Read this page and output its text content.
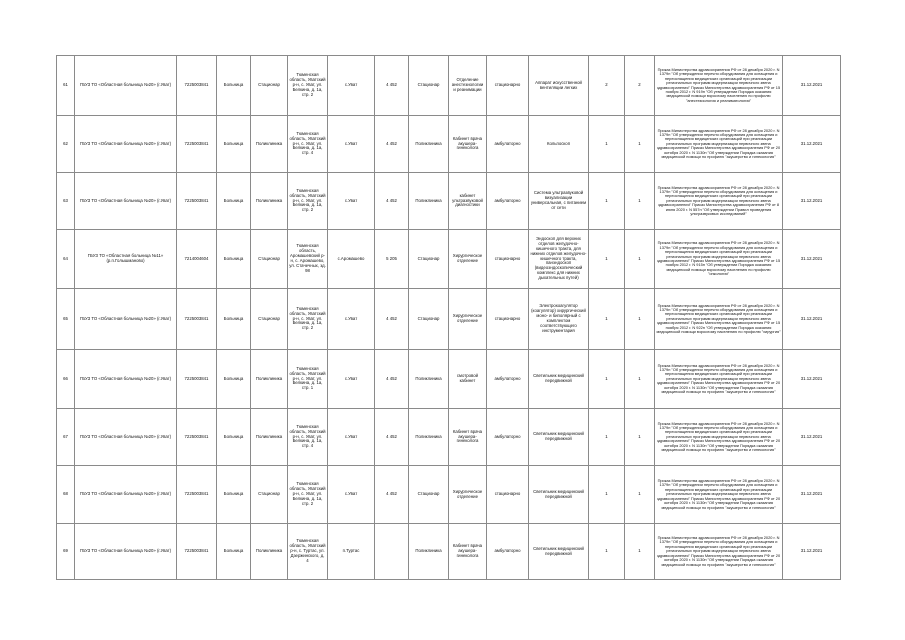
61	ГБУЗ ТО «Областная больница №20» (г.Уват)	7225003841	Больница	Стационар	Тюменская область, Уватский р-н, с. Уват, ул. Белкина, д. 1а, стр. 2	с.Уват	4 452	Стационар	Отделение анестезиологии и реанимации	стационарно	Аппарат искусственной вентиляции легких	2	2	Приказ Министерства здравоохранения РФ от 28 декабря 2020 г. N 1379н "Об утверждении перечня оборудования для оснащения и переоснащения медицинских организаций при реализации региональных программ модернизации первичного звена здравоохранения" Приказ Министерства здравоохранения РФ от 15 ноября 2012 г. N 919н "Об утверждении Порядка оказания медицинской помощи взрослому населению по профилю "анестезиология и реаниматология"	31.12.2021
62	ГБУЗ ТО «Областная больница №20» (г.Уват)	7225003841	Больница	Поликлиника	Тюменская область, Уватский р-н, с. Уват, ул. Белкина, д. 1а, стр. 4	с.Уват	4 452	Поликлиника	Кабинет врача акушера-гинеколога	амбулаторно	Кольпоскоп	1	1	Приказ Министерства здравоохранения РФ от 28 декабря 2020 г. N 1379н "Об утверждении перечня оборудования для оснащения и переоснащения медицинских организаций при реализации региональных программ модернизации первичного звена здравоохранения" Приказ Министерства здравоохранения РФ от 20 октября 2020 г. N 1130н "Об утверждении Порядка оказания медицинской помощи по профилю "акушерство и гинекология"	31.12.2021
63	ГБУЗ ТО «Областная больница №20» (г.Уват)	7225003841	Больница	Поликлиника	Тюменская область, Уватский р-н, с. Уват, ул. Белкина, д. 1а, стр. 2	с.Уват	4 452	Поликлиника	кабинет ультразвуковой диагностики	амбулаторно	Система ультразвуковой визуализации универсальная, с питанием от сети	1	1	Приказ Министерства здравоохранения РФ от 28 декабря 2020 г. N 1379н "Об утверждении перечня оборудования для оснащения и переоснащения медицинских организаций при реализации региональных программ модернизации первичного звена здравоохранения" Приказ Министерства здравоохранения РФ от 8 июня 2020 г. N 557н "Об утверждении Правил проведения ультразвуковых исследований"	31.12.2021
64	ГБУЗ ТО «Областная больница №11» (р.п.Голышманово)	7214004604	Больница	Стационар	Тюменская область, Аромашевский р-н, с. Аромашево, ул. Стачечных, зд. 98	с.Аромашево	5 205	Стационар	Хирургическое отделение	стационарно	Эндоскоп для верхних отделов желудочно-кишечного тракта, для нижних отделов желудочно-кишечного тракта, панэндоскоп (видеоэндоскопический комплекс для нижних дыхательных путей)	1	1	Приказ Министерства здравоохранения РФ от 28 декабря 2020 г. N 1379н "Об утверждении перечня оборудования для оснащения и переоснащения медицинских организаций при реализации региональных программ модернизации первичного звена здравоохранения" Приказ Министерства здравоохранения РФ от 15 ноября 2012 г. N 915н "Об утверждении Порядка оказания медицинской помощи взрослому населению по профилю "онкология"	31.12.2021
65	ГБУЗ ТО «Областная больница №20» (г.Уват)	7225003841	Больница	Стационар	Тюменская область, Уватский р-н, с. Уват, ул. Белкина, д. 1а, стр. 2	с.Уват	4 452	Стационар	Хирургическое отделение	стационарно	Электрокоагулятор (коагулятор) хирургический моно- и биполярный с комплектом соответствующего инструментария	1	1	Приказ Министерства здравоохранения РФ от 28 декабря 2020 г. N 1379н "Об утверждении перечня оборудования для оснащения и переоснащения медицинских организаций при реализации региональных программ модернизации первичного звена здравоохранения" Приказ Министерства здравоохранения РФ от 15 ноября 2012 г. N 922н "Об утверждении Порядка оказания медицинской помощи взрослому населению по профилю "хирургия"	31.12.2021
66	ГБУЗ ТО «Областная больница №20» (г.Уват)	7225003841	Больница	Поликлиника	Тюменская область, Уватский р-н, с. Уват, ул. Белкина, д. 1а, стр. 1	с.Уват	4 452	Поликлиника	смотровой кабинет	амбулаторно	Светильник медицинский передвижной	1	1	Приказ Министерства здравоохранения РФ от 28 декабря 2020 г. N 1379н "Об утверждении перечня оборудования для оснащения и переоснащения медицинских организаций при реализации региональных программ модернизации первичного звена здравоохранения" Приказ Министерства здравоохранения РФ от 20 октября 2020 г. N 1130н "Об утверждении Порядка оказания медицинской помощи по профилю "акушерство и гинекология"	31.12.2021
67	ГБУЗ ТО «Областная больница №20» (г.Уват)	7225003841	Больница	Поликлиника	Тюменская область, Уватский р-н, с. Уват, ул. Белкина, д. 1а, стр. 4	с.Уват	4 452	Поликлиника	Кабинет врача акушера-гинеколога	амбулаторно	Светильник медицинский передвижной	1	1	Приказ Министерства здравоохранения РФ от 28 декабря 2020 г. N 1379н "Об утверждении перечня оборудования для оснащения и переоснащения медицинских организаций при реализации региональных программ модернизации первичного звена здравоохранения" Приказ Министерства здравоохранения РФ от 20 октября 2020 г. N 1130н "Об утверждении Порядка оказания медицинской помощи по профилю "акушерство и гинекология"	31.12.2021
68	ГБУЗ ТО «Областная больница №20» (г.Уват)	7225003841	Больница	Стационар	Тюменская область, Уватский р-н, с. Уват, ул. Белкина, д. 1а, стр. 2	с.Уват	4 452	Стационар	Хирургическое отделение	стационарно	Светильник медицинский передвижной	1	1	Приказ Министерства здравоохранения РФ от 28 декабря 2020 г. N 1379н "Об утверждении перечня оборудования для оснащения и переоснащения медицинских организаций при реализации региональных программ модернизации первичного звена здравоохранения" Приказ Министерства здравоохранения РФ от 20 октября 2020 г. N 1130н "Об утверждении Порядка оказания медицинской помощи по профилю "акушерство и гинекология"	31.12.2021
69	ГБУЗ ТО «Областная больница №20» (г.Уват)	7225003841	Больница	Поликлиника	Тюменская область, Уватский р-н, с. Туртас, ул. Дзержинского, д. 4	п.Туртас		Поликлиника	Кабинет врача акушера-гинеколога	амбулаторно	Светильник медицинский передвижной	1	1	Приказ Министерства здравоохранения РФ от 28 декабря 2020 г. N 1379н "Об утверждении перечня оборудования для оснащения и переоснащения медицинских организаций при реализации региональных программ модернизации первичного звена здравоохранения" Приказ Министерства здравоохранения РФ от 20 октября 2020 г. N 1130н "Об утверждении Порядка оказания медицинской помощи по профилю "акушерство и гинекология"	31.12.2021
